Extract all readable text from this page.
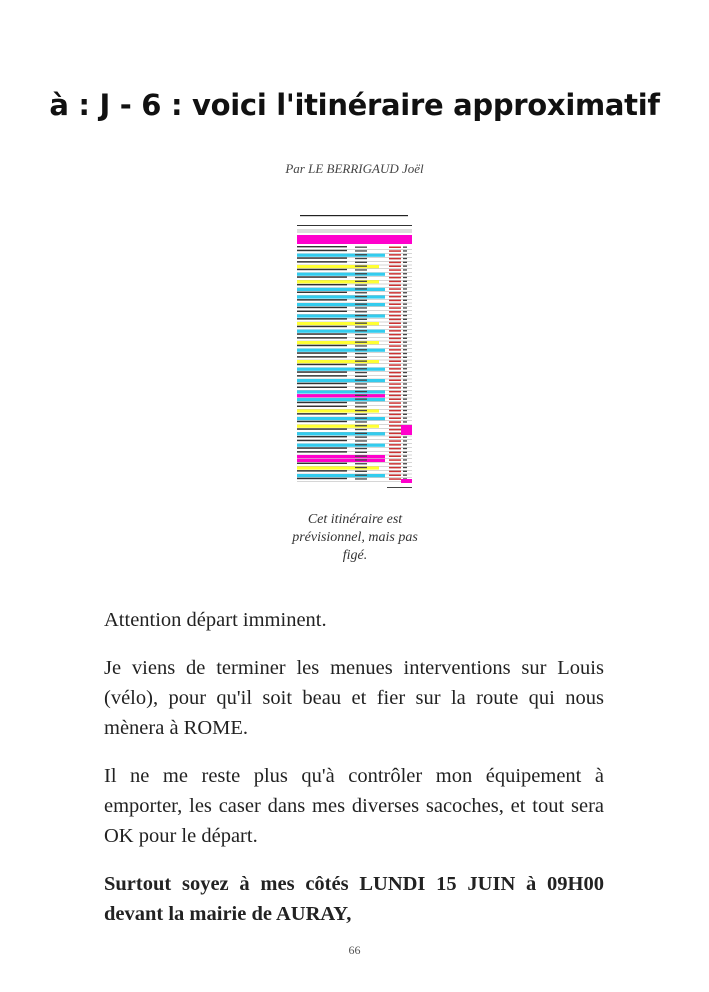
à : J - 6 : voici l'itinéraire approximatif
Par LE BERRIGAUD Joël
Cet itinéraire est prévisionnel, mais pas figé.

Attention départ imminent.

Je viens de terminer les menues interventions sur Louis (vélo), pour qu'il soit beau et fier sur la route qui nous mènera à ROME.

Il ne me reste plus qu'à contrôler mon équipement à emporter, les caser dans mes diverses sacoches, et tout sera OK pour le départ.

Surtout soyez à mes côtés LUNDI 15 JUIN à 09H00 devant la mairie de AURAY,

66
